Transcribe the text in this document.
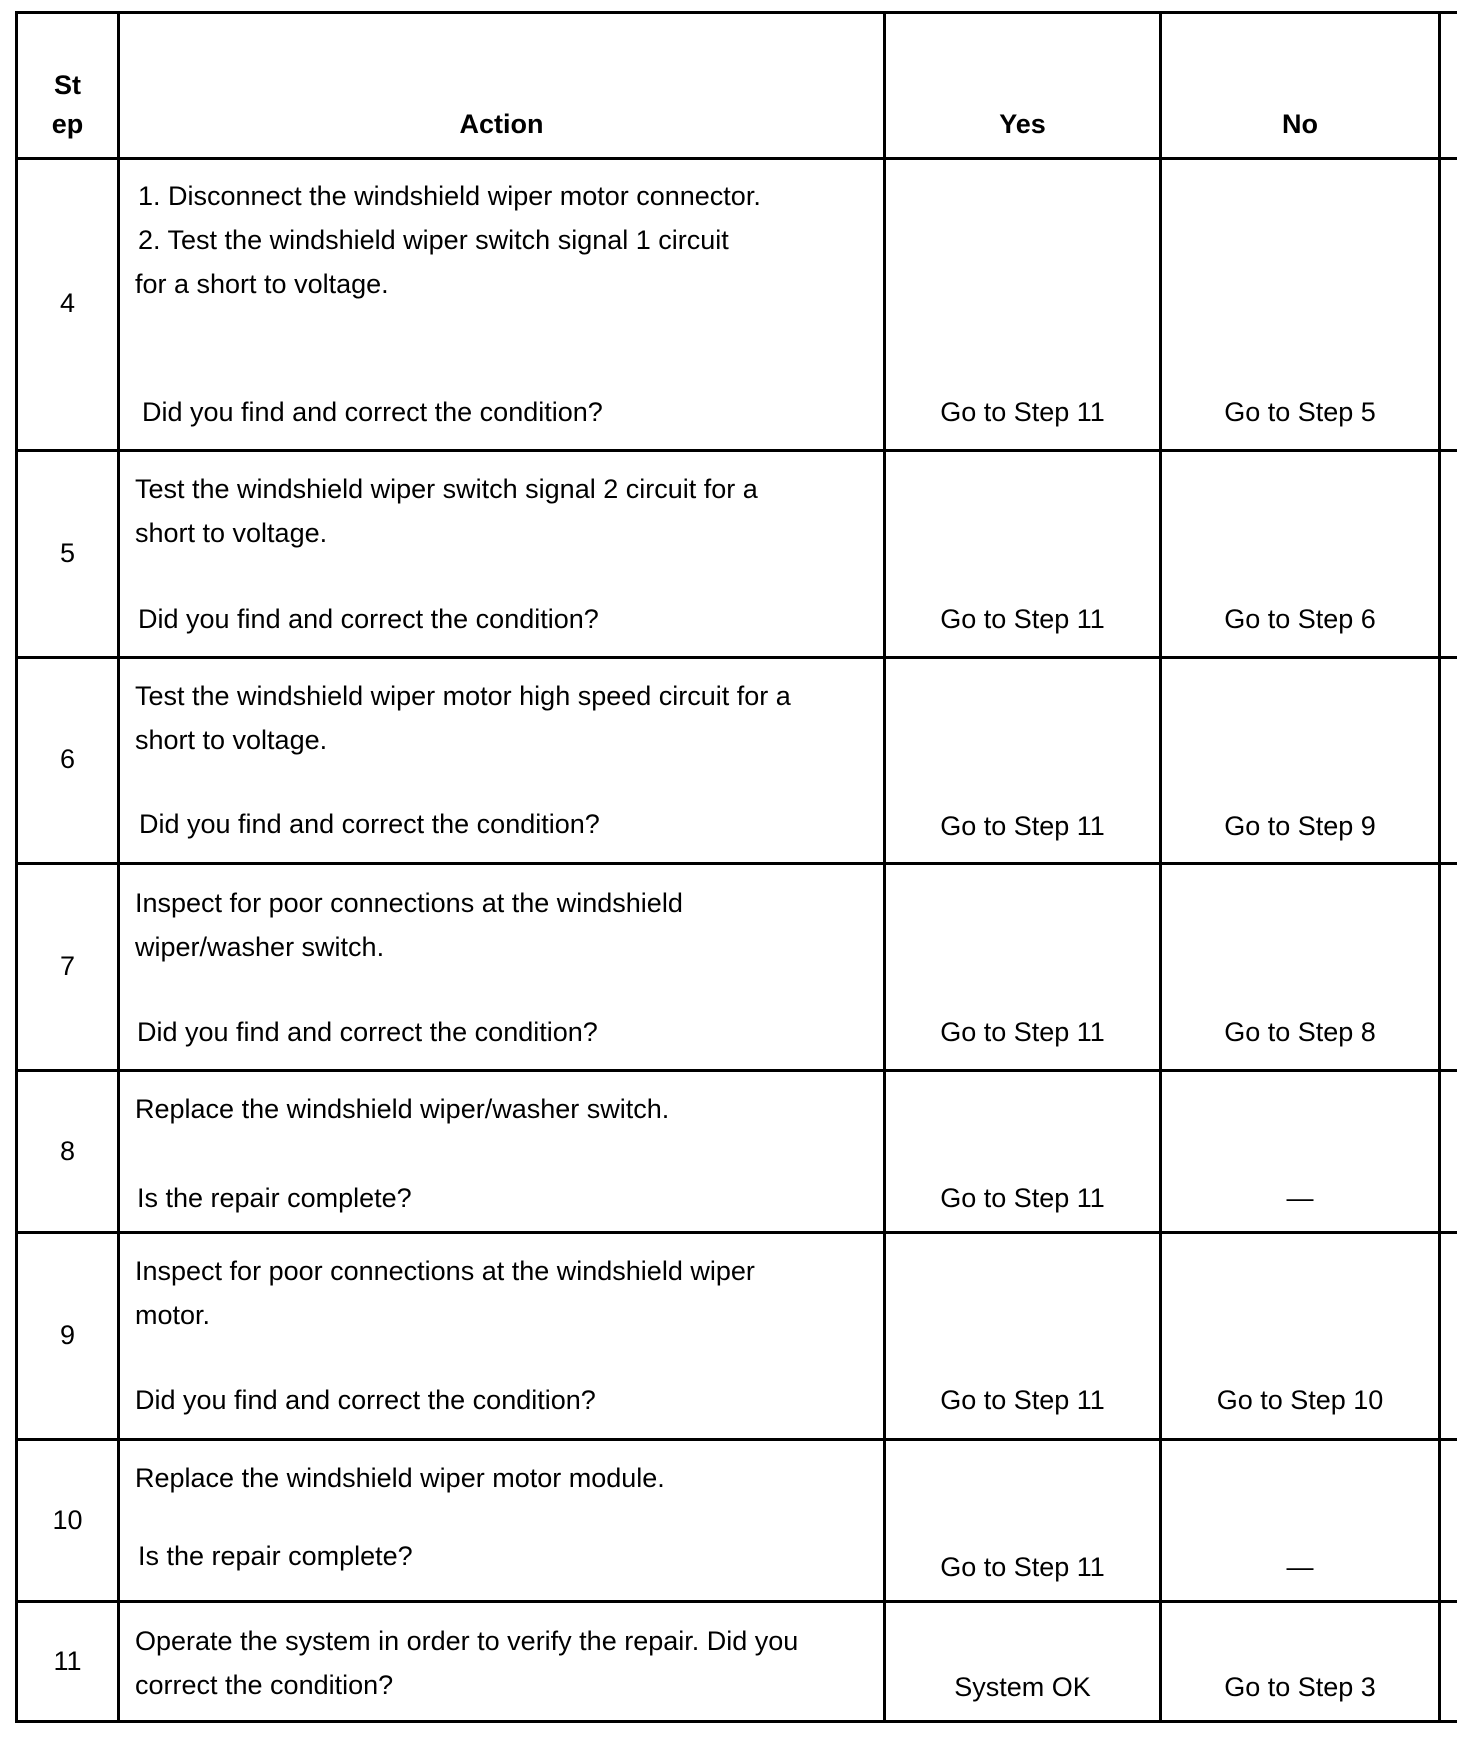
St
ep	Action	Yes	No
4
1. Disconnect the windshield wiper motor connector.
2. Test the windshield wiper switch signal 1 circuit
for a short to voltage.
Did you find and correct the condition?	Go to Step 11	Go to Step 5
5
Test the windshield wiper switch signal 2 circuit for a
short to voltage.
Did you find and correct the condition?	Go to Step 11	Go to Step 6
6
Test the windshield wiper motor high speed circuit for a
short to voltage.
Did you find and correct the condition?	Go to Step 11	Go to Step 9
7
Inspect for poor connections at the windshield
wiper/washer switch.
Did you find and correct the condition?	Go to Step 11	Go to Step 8
8
Replace the windshield wiper/washer switch.
Is the repair complete?	Go to Step 11	—
9
Inspect for poor connections at the windshield wiper
motor.
Did you find and correct the condition?	Go to Step 11	Go to Step 10
10
Replace the windshield wiper motor module.
Is the repair complete?	Go to Step 11	—
11
Operate the system in order to verify the repair. Did you
correct the condition?	System OK	Go to Step 3
